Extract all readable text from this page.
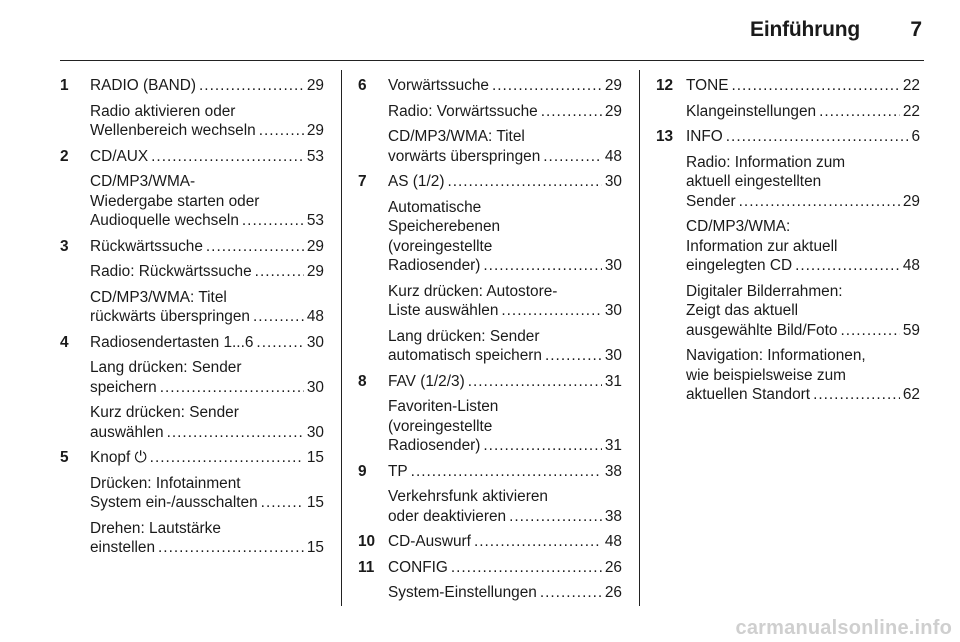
Einführung 7
1	RADIO (BAND) .....	29
Radio aktivieren oder
Wellenbereich wechseln .....	29
2	CD/AUX .....	53
CD/MP3/WMA-
Wiedergabe starten oder
Audioquelle wechseln .....	53
3	Rückwärtssuche .....	29
Radio: Rückwärtssuche .....	29
CD/MP3/WMA: Titel
rückwärts überspringen .....	48
4	Radiosendertasten 1...6 .....	30
Lang drücken: Sender
speichern .....	30
Kurz drücken: Sender
auswählen .....	30
5	Knopf ⏻ .....	15
Drücken: Infotainment
System ein-/ausschalten .....	15
Drehen: Lautstärke
einstellen .....	15
6	Vorwärtssuche .....	29
Radio: Vorwärtssuche .....	29
CD/MP3/WMA: Titel
vorwärts überspringen .....	48
7	AS (1/2) .....	30
Automatische
Speicherebenen
(voreingestellte
Radiosender) .....	30
Kurz drücken: Autostore-
Liste auswählen .....	30
Lang drücken: Sender
automatisch speichern .....	30
8	FAV (1/2/3) .....	31
Favoriten-Listen
(voreingestellte
Radiosender) .....	31
9	TP .....	38
Verkehrsfunk aktivieren
oder deaktivieren .....	38
10 CD-Auswurf .....	48
11 CONFIG .....	26
System-Einstellungen .....	26
12 TONE .....	22
Klangeinstellungen .....	22
13 INFO .....	6
Radio: Information zum
aktuell eingestellten
Sender .....	29
CD/MP3/WMA:
Information zur aktuell
eingelegten CD .....	48
Digitaler Bilderrahmen:
Zeigt das aktuell
ausgewählte Bild/Foto .....	59
Navigation: Informationen,
wie beispielsweise zum
aktuellen Standort .....	62
carmanualsonline.info
